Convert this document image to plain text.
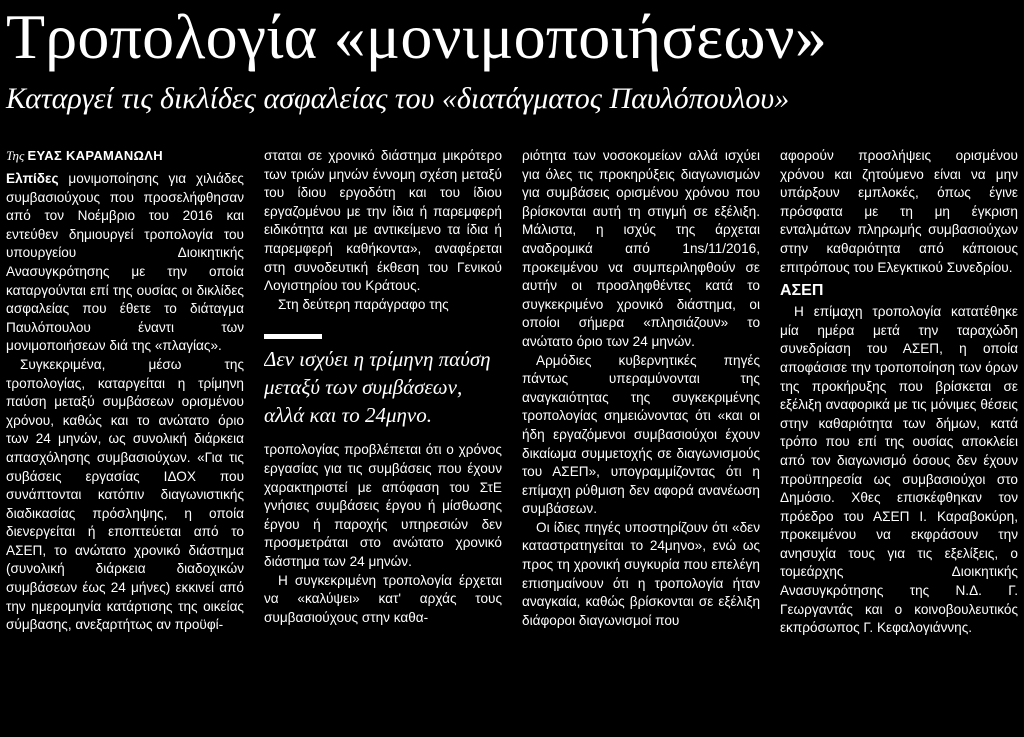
Τροπολογία «μονιμοποιήσεων»
Καταργεί τις δικλίδες ασφαλείας του «διατάγματος Παυλόπουλου»
Της ΕΥΑΣ ΚΑΡΑΜΑΝΩΛΗ

Ελπίδες μονιμοποίησης για χιλιάδες συμβασιούχους που προσελήφθησαν από τον Νοέμβριο του 2016 και εντεύθεν δημιουργεί τροπολογία του υπουργείου Διοικητικής Ανασυγκρότησης με την οποία καταργούνται επί της ουσίας οι δικλίδες ασφαλείας που έθετε το διάταγμα Παυλόπουλου έναντι των μονιμοποιήσεων διά της «πλαγίας».

Συγκεκριμένα, μέσω της τροπολογίας, καταργείται η τρίμηνη παύση μεταξύ συμβάσεων ορισμένου χρόνου, καθώς και το ανώτατο όριο των 24 μηνών, ως συνολική διάρκεια απασχόλησης συμβασιούχων. «Για τις συβάσεις εργασίας ΙΔΟΧ που συνάπτονται κατόπιν διαγωνιστικής διαδικασίας πρόσληψης, η οποία διενεργείται ή εποπτεύεται από το ΑΣΕΠ, το ανώτατο χρονικό διάστημα (συνολική διάρκεια διαδοχικών συμβάσεων έως 24 μήνες) εκκινεί από την ημερομηνία κατάρτισης της οικείας σύμβασης, ανεξαρτήτως αν προϋφί-

σταται σε χρονικό διάστημα μικρότερο των τριών μηνών έννομη σχέση μεταξύ του ίδιου εργοδότη και του ίδιου εργαζομένου με την ίδια ή παρεμφερή ειδικότητα και με αντικείμενο τα ίδια ή παρεμφερή καθήκοντα», αναφέρεται στη συνοδευτική έκθεση του Γενικού Λογιστηρίου του Κράτους.

Στη δεύτερη παράγραφο της

Δεν ισχύει η τρίμηνη παύση μεταξύ των συμβάσεων, αλλά και το 24μηνο.

τροπολογίας προβλέπεται ότι ο χρόνος εργασίας για τις συμβάσεις που έχουν χαρακτηριστεί με απόφαση του ΣτΕ γνήσιες συμβάσεις έργου ή μίσθωσης έργου ή παροχής υπηρεσιών δεν προσμετράται στο ανώτατο χρονικό διάστημα των 24 μηνών.

Η συγκεκριμένη τροπολογία έρχεται να «καλύψει» κατ' αρχάς τους συμβασιούχους στην καθα-

ριότητα των νοσοκομείων αλλά ισχύει για όλες τις προκηρύξεις διαγωνισμών για συμβάσεις ορισμένου χρόνου που βρίσκονται αυτή τη στιγμή σε εξέλιξη. Μάλιστα, η ισχύς της άρχεται αναδρομικά από 1ns/11/2016, προκειμένου να συμπεριληφθούν σε αυτήν οι προσληφθέντες κατά το συγκεκριμένο χρονικό διάστημα, οι οποίοι σήμερα «πλησιάζουν» το ανώτατο όριο των 24 μηνών.

Αρμόδιες κυβερνητικές πηγές πάντως υπεραμύνονται της αναγκαιότητας της συγκεκριμένης τροπολογίας σημειώνοντας ότι «και οι ήδη εργαζόμενοι συμβασιούχοι έχουν δικαίωμα συμμετοχής σε διαγωνισμούς του ΑΣΕΠ», υπογραμμίζοντας ότι η επίμαχη ρύθμιση δεν αφορά ανανέωση συμβάσεων.

Οι ίδιες πηγές υποστηρίζουν ότι «δεν καταστρατηγείται το 24μηνο», ενώ ως προς τη χρονική συγκυρία που επελέγη επισημαίνουν ότι η τροπολογία ήταν αναγκαία, καθώς βρίσκονται σε εξέλιξη διάφοροι διαγωνισμοί που

αφορούν προσλήψεις ορισμένου χρόνου και ζητούμενο είναι να μην υπάρξουν εμπλοκές, όπως έγινε πρόσφατα με τη μη έγκριση ενταλμάτων πληρωμής συμβασιούχων στην καθαριότητα από κάποιους επιτρόπους του Ελεγκτικού Συνεδρίου.

ΑΣΕΠ

Η επίμαχη τροπολογία κατατέθηκε μία ημέρα μετά την ταραχώδη συνεδρίαση του ΑΣΕΠ, η οποία αποφάσισε την τροποποίηση των όρων της προκήρυξης που βρίσκεται σε εξέλιξη αναφορικά με τις μόνιμες θέσεις στην καθαριότητα των δήμων, κατά τρόπο που επί της ουσίας αποκλείει από τον διαγωνισμό όσους δεν έχουν προϋπηρεσία ως συμβασιούχοι στο Δημόσιο. Χθες επισκέφθηκαν τον πρόεδρο του ΑΣΕΠ Ι. Καραβοκύρη, προκειμένου να εκφράσουν την ανησυχία τους για τις εξελίξεις, ο τομεάρχης Διοικητικής Ανασυγκρότησης της Ν.Δ. Γ. Γεωργαντάς και ο κοινοβουλευτικός εκπρόσωπος Γ. Κεφαλογιάννης.
